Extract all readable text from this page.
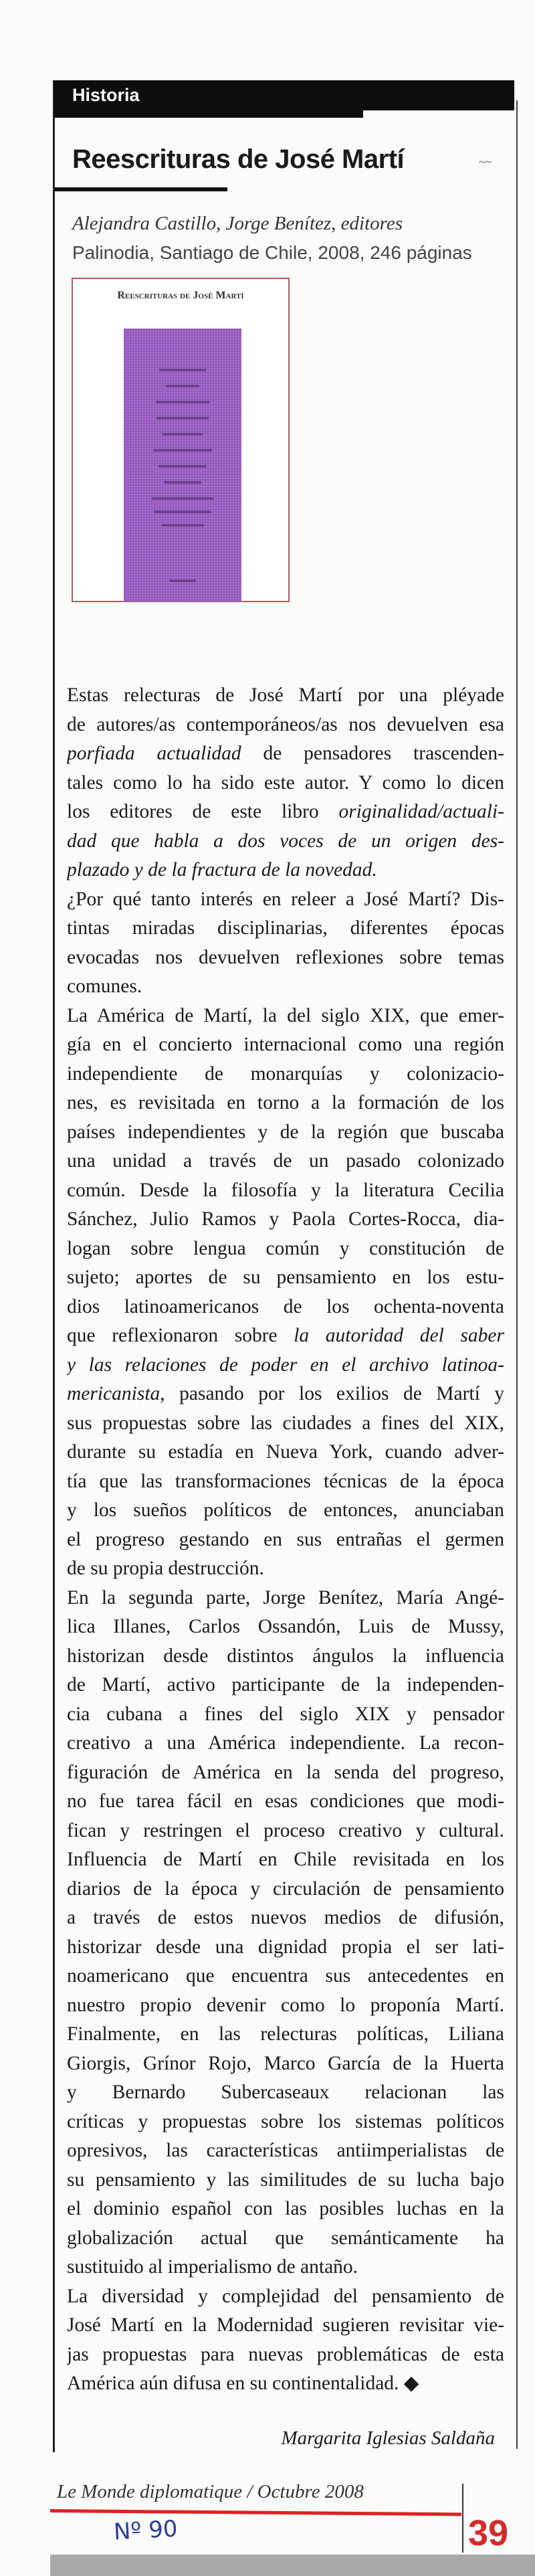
Historia
Reescrituras de José Martí	~~
Alejandra Castillo, Jorge Benítez, editores
Palinodia, Santiago de Chile, 2008, 246 páginas
Reescrituras de José Martí
Estas relecturas de José Martí por una pléyade
de autores/as contemporáneos/as nos devuelven esa
porfiada actualidad de pensadores trascenden-
tales como lo ha sido este autor. Y como lo dicen
los editores de este libro originalidad/actuali-
dad que habla a dos voces de un origen des-
plazado y de la fractura de la novedad.
¿Por qué tanto interés en releer a José Martí? Dis-
tintas miradas disciplinarias, diferentes épocas
evocadas nos devuelven reflexiones sobre temas
comunes.
La América de Martí, la del siglo XIX, que emer-
gía en el concierto internacional como una región
independiente de monarquías y colonizacio-
nes, es revisitada en torno a la formación de los
países independientes y de la región que buscaba
una unidad a través de un pasado colonizado
común. Desde la filosofía y la literatura Cecilia
Sánchez, Julio Ramos y Paola Cortes-Rocca, dia-
logan sobre lengua común y constitución de
sujeto; aportes de su pensamiento en los estu-
dios latinoamericanos de los ochenta-noventa
que reflexionaron sobre la autoridad del saber
y las relaciones de poder en el archivo latinoa-
mericanista, pasando por los exilios de Martí y
sus propuestas sobre las ciudades a fines del XIX,
durante su estadía en Nueva York, cuando adver-
tía que las transformaciones técnicas de la época
y los sueños políticos de entonces, anunciaban
el progreso gestando en sus entrañas el germen
de su propia destrucción.
En la segunda parte, Jorge Benítez, María Angé-
lica Illanes, Carlos Ossandón, Luis de Mussy,
historizan desde distintos ángulos la influencia
de Martí, activo participante de la independen-
cia cubana a fines del siglo XIX y pensador
creativo a una América independiente. La recon-
figuración de América en la senda del progreso,
no fue tarea fácil en esas condiciones que modi-
fican y restringen el proceso creativo y cultural.
Influencia de Martí en Chile revisitada en los
diarios de la época y circulación de pensamiento
a través de estos nuevos medios de difusión,
historizar desde una dignidad propia el ser lati-
noamericano que encuentra sus antecedentes en
nuestro propio devenir como lo proponía Martí.
Finalmente, en las relecturas políticas, Liliana
Giorgis, Grínor Rojo, Marco García de la Huerta
y Bernardo Subercaseaux relacionan las
críticas y propuestas sobre los sistemas políticos
opresivos, las características antiimperialistas de
su pensamiento y las similitudes de su lucha bajo
el dominio español con las posibles luchas en la
globalización actual que semánticamente ha
sustituido al imperialismo de antaño.
La diversidad y complejidad del pensamiento de
José Martí en la Modernidad sugieren revisitar vie-
jas propuestas para nuevas problemáticas de esta
América aún difusa en su continentalidad. ◆
Margarita Iglesias Saldaña
Le Monde diplomatique / Octubre 2008
39
Nº 90
